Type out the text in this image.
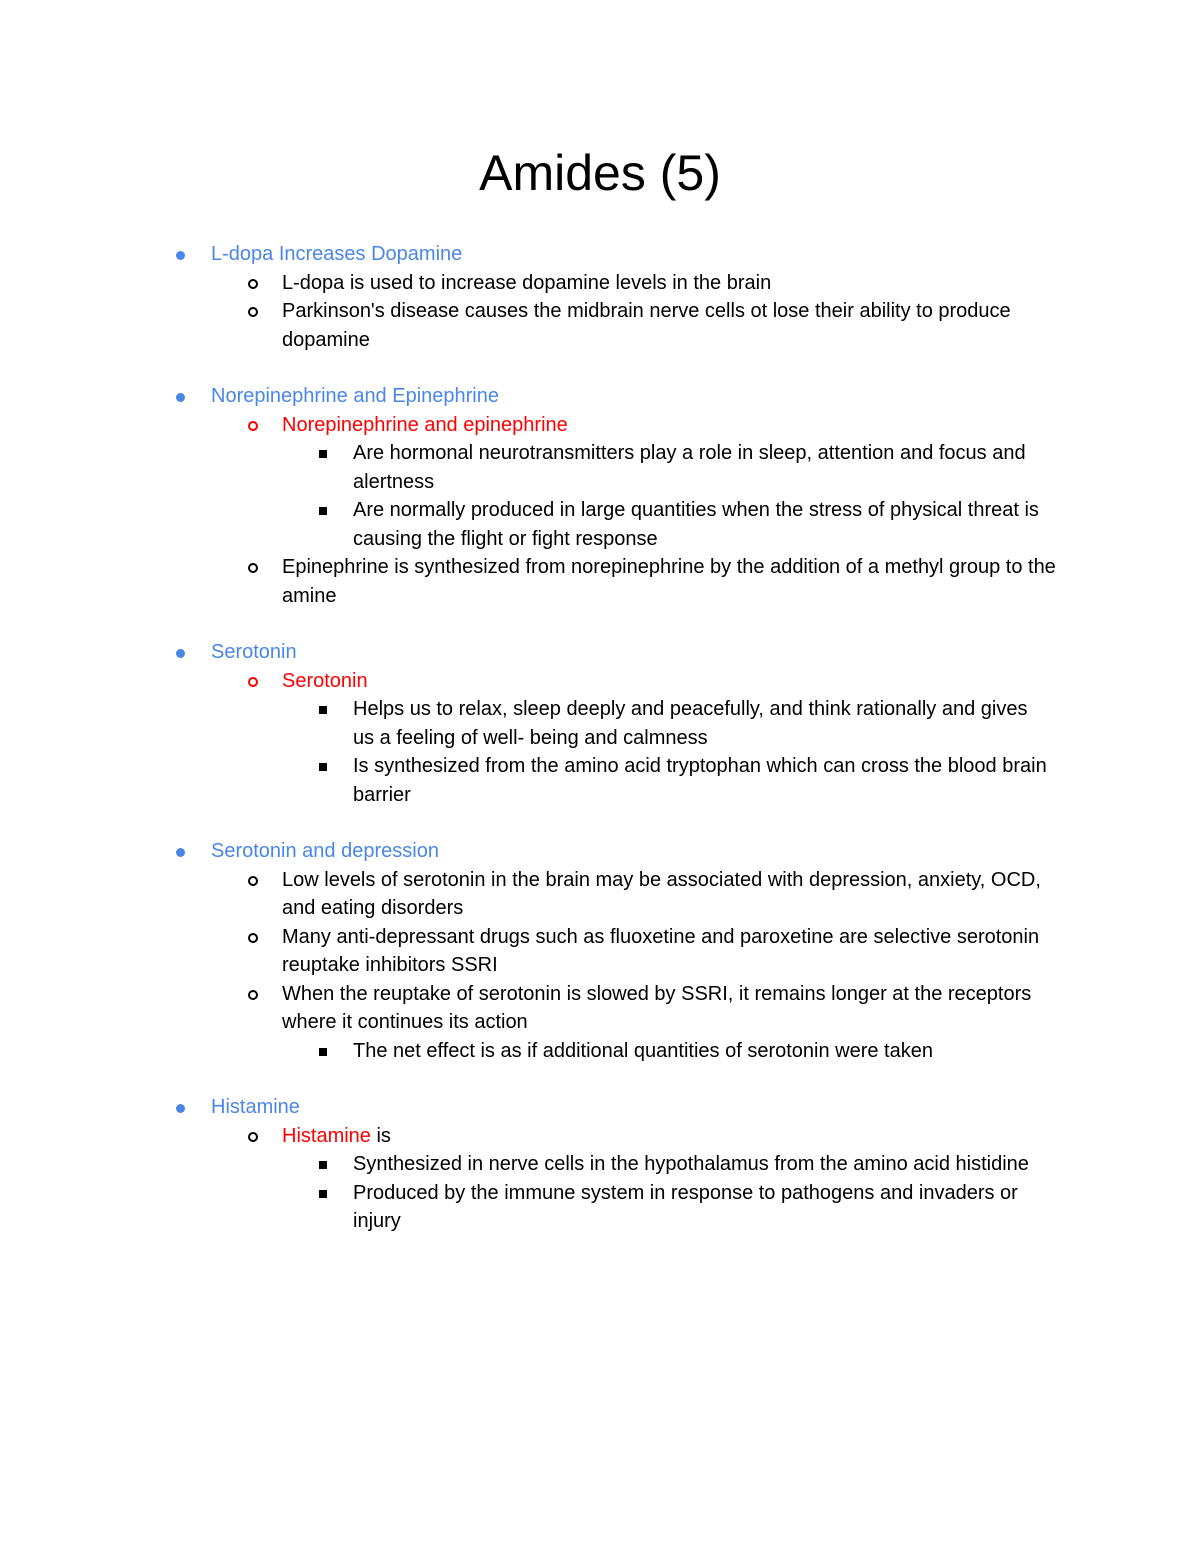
Amides (5)
L-dopa Increases Dopamine
L-dopa is used to increase dopamine levels in the brain
Parkinson's disease causes the midbrain nerve cells ot lose their ability to produce dopamine
Norepinephrine and Epinephrine
Norepinephrine and epinephrine
Are hormonal neurotransmitters play a role in sleep, attention and focus and alertness
Are normally produced in large quantities when the stress of physical threat is causing the flight or fight response
Epinephrine is synthesized from norepinephrine by the addition of a methyl group to the amine
Serotonin
Serotonin
Helps us to relax, sleep deeply and peacefully, and think rationally and gives us a feeling of well- being and calmness
Is synthesized from the amino acid tryptophan which can cross the blood brain barrier
Serotonin and depression
Low levels of serotonin in the brain may be associated with depression, anxiety, OCD, and eating disorders
Many anti-depressant drugs such as fluoxetine and paroxetine are selective serotonin reuptake inhibitors SSRI
When the reuptake of serotonin is slowed by SSRI, it remains longer at the receptors where it continues its action
The net effect is as if additional quantities of serotonin were taken
Histamine
Histamine is
Synthesized in nerve cells in the hypothalamus from the amino acid histidine
Produced by the immune system in response to pathogens and invaders or injury
